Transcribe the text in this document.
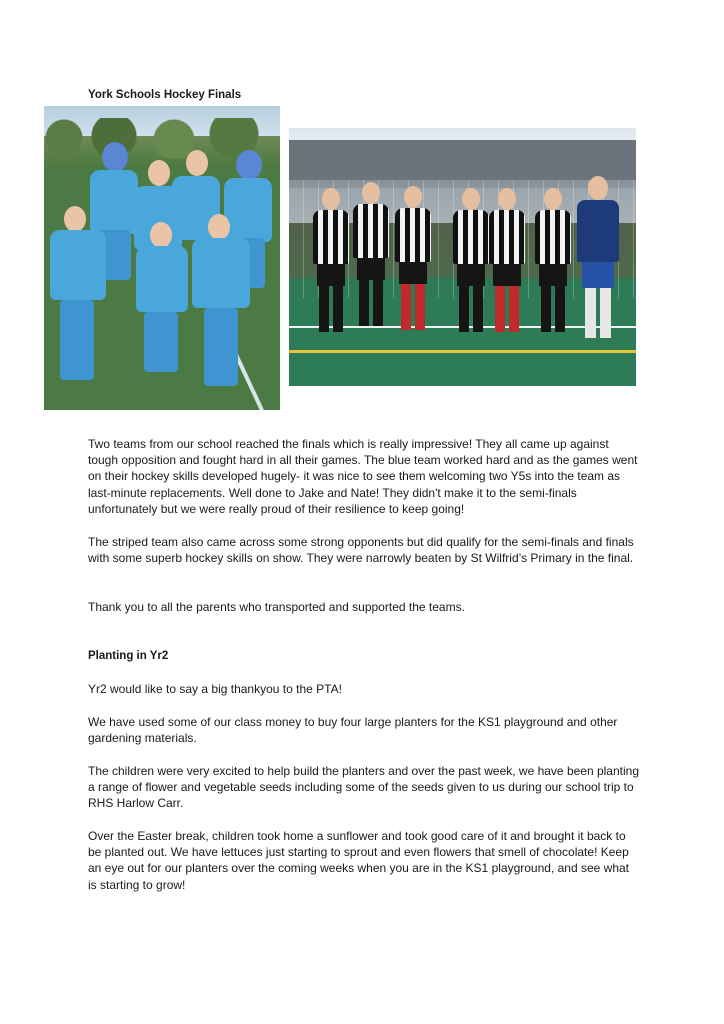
York Schools Hockey Finals

Two teams from our school reached the finals which is really impressive! They all came up against tough opposition and fought hard in all their games. The blue team worked hard and as the games went on their hockey skills developed hugely- it was nice to see them welcoming two Y5s into the team as last-minute replacements. Well done to Jake and Nate! They didn't make it to the semi-finals unfortunately but we were really proud of their resilience to keep going!

The striped team also came across some strong opponents but did qualify for the semi-finals and finals with some superb hockey skills on show. They were narrowly beaten by St Wilfrid’s Primary in the final.

Thank you to all the parents who transported and supported the teams.

Planting in Yr2

Yr2 would like to say a big thankyou to the PTA!

We have used some of our class money to buy four large planters for the KS1 playground and other gardening materials.

The children were very excited to help build the planters and over the past week, we have been planting a range of flower and vegetable seeds including some of the seeds given to us during our school trip to RHS Harlow Carr.

Over the Easter break, children took home a sunflower and took good care of it and brought it back to be planted out. We have lettuces just starting to sprout and even flowers that smell of chocolate! Keep an eye out for our planters over the coming weeks when you are in the KS1 playground, and see what is starting to grow!
